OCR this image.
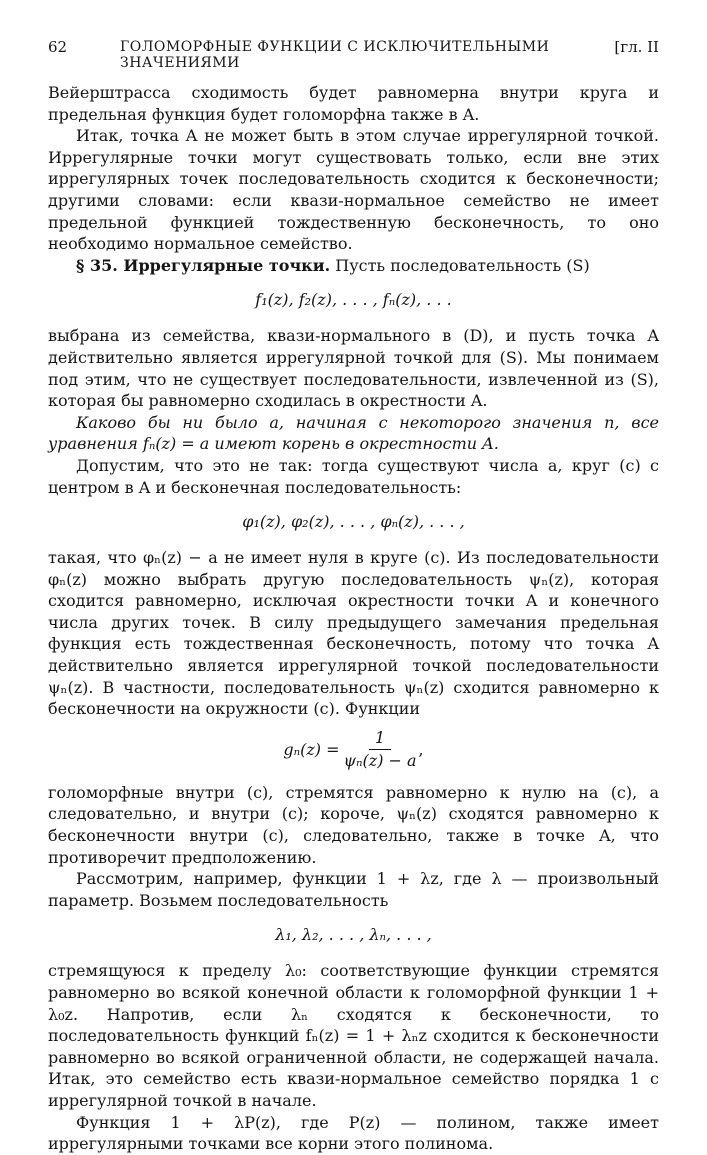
62	ГОЛОМОРФНЫЕ ФУНКЦИИ С ИСКЛЮЧИТЕЛЬНЫМИ ЗНАЧЕНИЯМИ
[гл. II

Вейерштрасса сходимость будет равномерна внутри круга и предельная функция будет голоморфна также в A.

Итак, точка A не может быть в этом случае иррегулярной точкой. Иррегулярные точки могут существовать только, если вне этих иррегулярных точек последовательность сходится к бесконечности; другими словами: если квази-нормальное семейство не имеет предельной функцией тождественную бесконечность, то оно необходимо нормальное семейство.

§ 35. Иррегулярные точки. Пусть последовательность (S)

f₁(z), f₂(z), . . . , fₙ(z), . . .

выбрана из семейства, квази-нормального в (D), и пусть точка A действительно является иррегулярной точкой для (S). Мы понимаем под этим, что не существует последовательности, извлеченной из (S), которая бы равномерно сходилась в окрестности A.

Каково бы ни было a, начиная с некоторого значения n, все уравнения fₙ(z) = a имеют корень в окрестности A.

Допустим, что это не так: тогда существуют числа a, круг (c) с центром в A и бесконечная последовательность:

φ₁(z), φ₂(z), . . . , φₙ(z), . . . ,

такая, что φₙ(z) − a не имеет нуля в круге (c). Из последовательности φₙ(z) можно выбрать другую последовательность ψₙ(z), которая сходится равномерно, исключая окрестности точки A и конечного числа других точек. В силу предыдущего замечания предельная функция есть тождественная бесконечность, потому что точка A действительно является иррегулярной точкой последовательности ψₙ(z). В частности, последовательность ψₙ(z) сходится равномерно к бесконечности на окружности (c). Функции

$g_n(z) = \frac{1}{\text{ψₙ(z) − a}}$ ,

голоморфные внутри (c), стремятся равномерно к нулю на (c), а следовательно, и внутри (c); короче, ψₙ(z) сходятся равномерно к бесконечности внутри (c), следовательно, также в точке A, что противоречит предположению.

Рассмотрим, например, функции 1 + λz, где λ — произвольный параметр. Возьмем последовательность

λ₁, λ₂, . . . , λₙ, . . . ,

стремящуюся к пределу λ₀: соответствующие функции стремятся равномерно во всякой конечной области к голоморфной функции 1 + λ₀z. Напротив, если λₙ сходятся к бесконечности, то последовательность функций fₙ(z) = 1 + λₙz сходится к бесконечности равномерно во всякой ограниченной области, не содержащей начала. Итак, это семейство есть квази-нормальное семейство порядка 1 с иррегулярной точкой в начале.

Функция 1 + λP(z), где P(z) — полином, также имеет иррегулярными точками все корни этого полинома.
